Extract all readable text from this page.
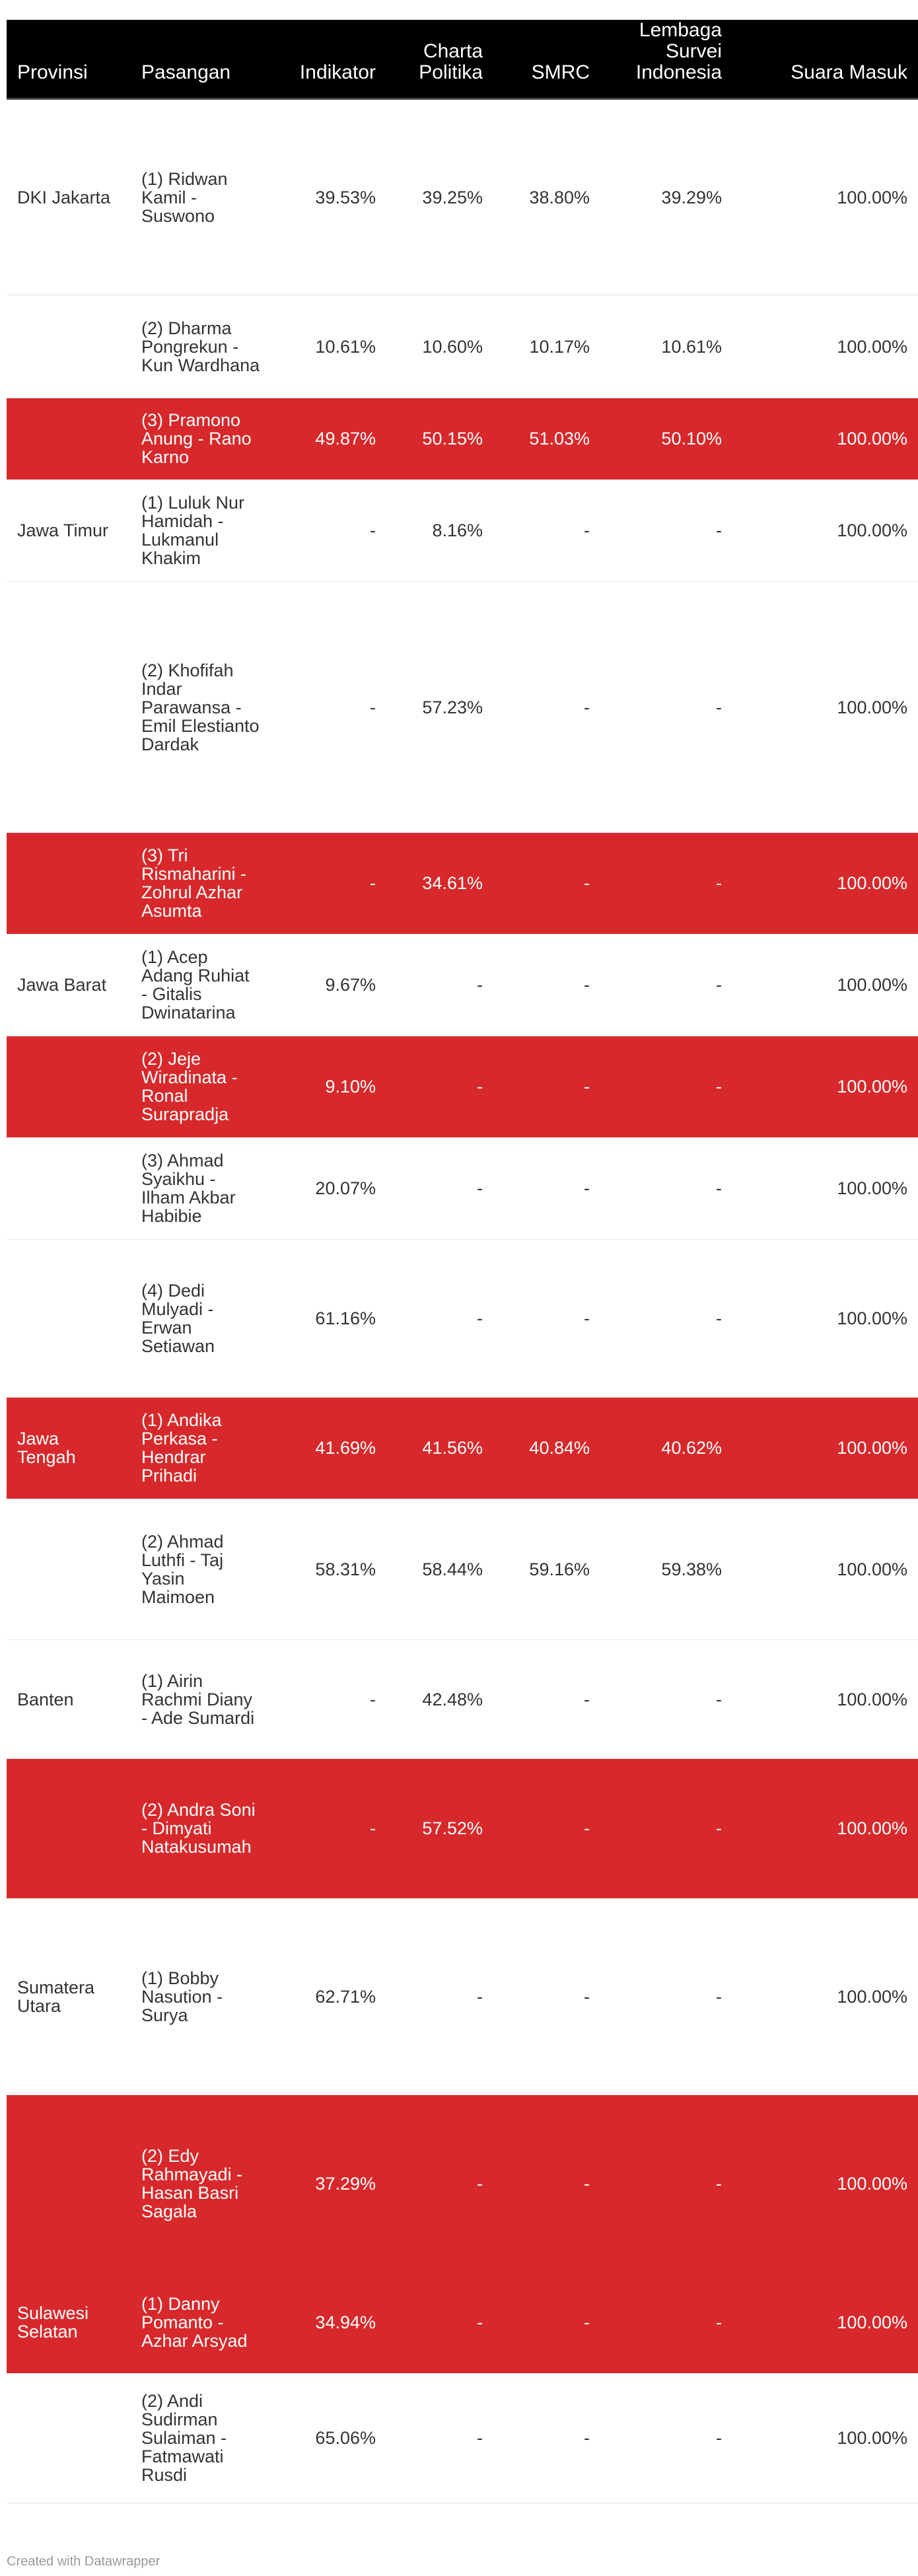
Provinsi	Pasangan	Indikator	Charta Politika	SMRC	Lembaga Survei Indonesia	Suara Masuk
DKI Jakarta	(1) Ridwan Kamil - Suswono	39.53%	39.25%	38.80%	39.29%	100.00%
	(2) Dharma Pongrekun - Kun Wardhana	10.61%	10.60%	10.17%	10.61%	100.00%
	(3) Pramono Anung - Rano Karno	49.87%	50.15%	51.03%	50.10%	100.00%
Jawa Timur	(1) Luluk Nur Hamidah - Lukmanul Khakim	-	8.16%	-	-	100.00%
	(2) Khofifah Indar Parawansa - Emil Elestianto Dardak	-	57.23%	-	-	100.00%
	(3) Tri Rismaharini - Zohrul Azhar Asumta	-	34.61%	-	-	100.00%
Jawa Barat	(1) Acep Adang Ruhiat - Gitalis Dwinatarina	9.67%	-	-	-	100.00%
	(2) Jeje Wiradinata - Ronal Surapradja	9.10%	-	-	-	100.00%
	(3) Ahmad Syaikhu - Ilham Akbar Habibie	20.07%	-	-	-	100.00%
	(4) Dedi Mulyadi - Erwan Setiawan	61.16%	-	-	-	100.00%
Jawa Tengah	(1) Andika Perkasa - Hendrar Prihadi	41.69%	41.56%	40.84%	40.62%	100.00%
	(2) Ahmad Luthfi - Taj Yasin Maimoen	58.31%	58.44%	59.16%	59.38%	100.00%
Banten	(1) Airin Rachmi Diany - Ade Sumardi	-	42.48%	-	-	100.00%
	(2) Andra Soni - Dimyati Natakusumah	-	57.52%	-	-	100.00%
Sumatera Utara	(1) Bobby Nasution - Surya	62.71%	-	-	-	100.00%
	(2) Edy Rahmayadi - Hasan Basri Sagala	37.29%	-	-	-	100.00%
Sulawesi Selatan	(1) Danny Pomanto - Azhar Arsyad	34.94%	-	-	-	100.00%
	(2) Andi Sudirman Sulaiman - Fatmawati Rusdi	65.06%	-	-	-	100.00%
Created with Datawrapper
